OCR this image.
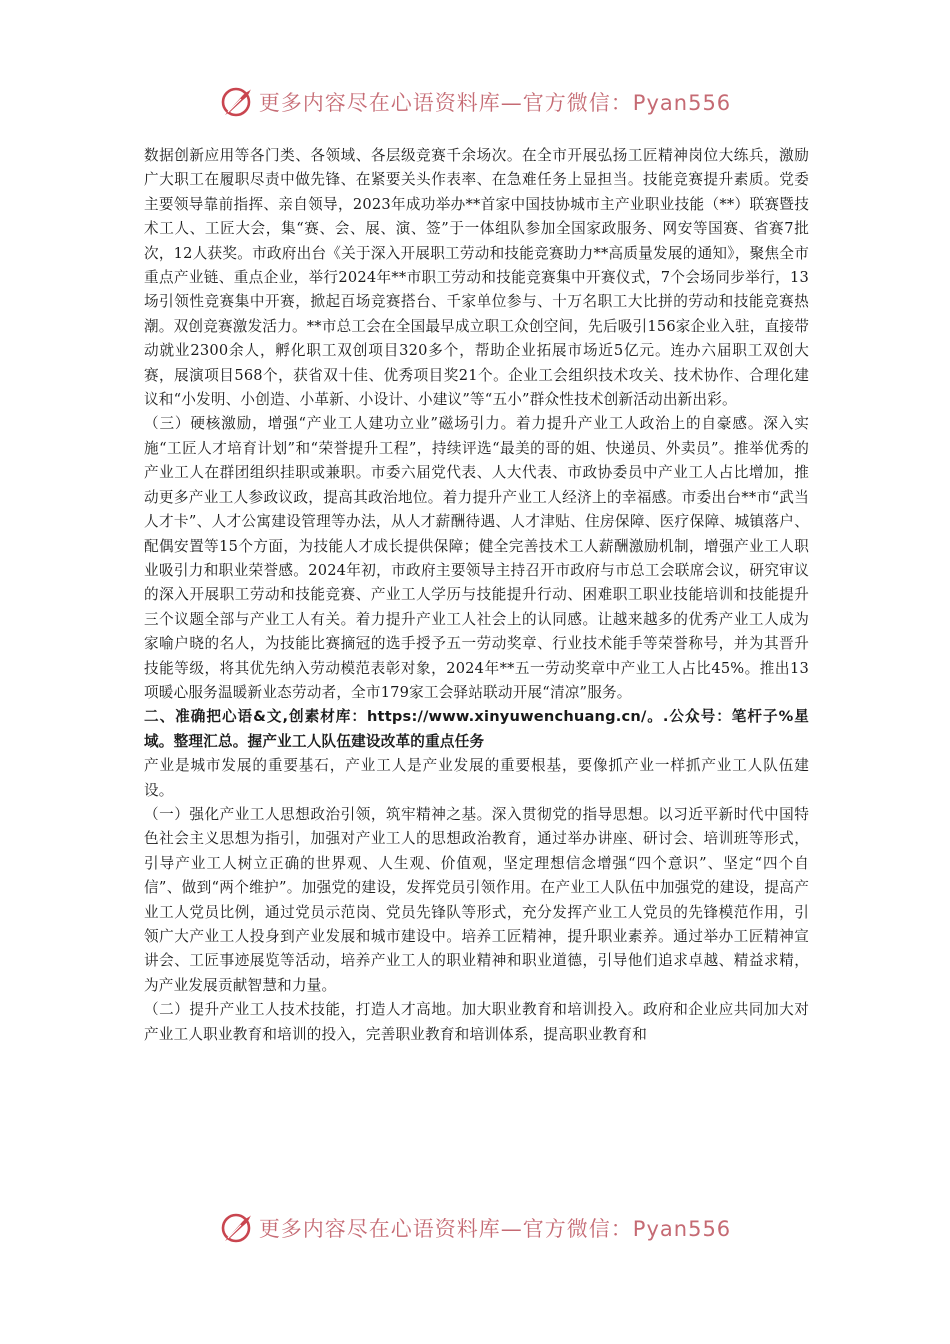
更多内容尽在心语资料库—官方微信：Pyan556

数据创新应用等各门类、各领域、各层级竞赛千余场次。在全市开展弘扬工匠精神岗位大练兵，激励广大职工在履职尽责中做先锋、在紧要关头作表率、在急难任务上显担当。技能竞赛提升素质。党委主要领导靠前指挥、亲自领导，2023年成功举办**首家中国技协城市主产业职业技能（**）联赛暨技术工人、工匠大会，集“赛、会、展、演、签”于一体组队参加全国家政服务、网安等国赛、省赛7批次，12人获奖。市政府出台《关于深入开展职工劳动和技能竞赛助力**高质量发展的通知》，聚焦全市重点产业链、重点企业，举行2024年**市职工劳动和技能竞赛集中开赛仪式，7个会场同步举行，13场引领性竞赛集中开赛，掀起百场竞赛搭台、千家单位参与、十万名职工大比拼的劳动和技能竞赛热潮。双创竞赛激发活力。**市总工会在全国最早成立职工众创空间，先后吸引156家企业入驻，直接带动就业2300余人，孵化职工双创项目320多个，帮助企业拓展市场近5亿元。连办六届职工双创大赛，展演项目568个，获省双十佳、优秀项目奖21个。企业工会组织技术攻关、技术协作、合理化建议和“小发明、小创造、小革新、小设计、小建议”等“五小”群众性技术创新活动出新出彩。

（三）硬核激励，增强“产业工人建功立业”磁场引力。着力提升产业工人政治上的自豪感。深入实施“工匠人才培育计划”和“荣誉提升工程”，持续评选“最美的哥的姐、快递员、外卖员”。推举优秀的产业工人在群团组织挂职或兼职。市委六届党代表、人大代表、市政协委员中产业工人占比增加，推动更多产业工人参政议政，提高其政治地位。着力提升产业工人经济上的幸福感。市委出台**市“武当人才卡”、人才公寓建设管理等办法，从人才薪酬待遇、人才津贴、住房保障、医疗保障、城镇落户、配偶安置等15个方面，为技能人才成长提供保障；健全完善技术工人薪酬激励机制，增强产业工人职业吸引力和职业荣誉感。2024年初，市政府主要领导主持召开市政府与市总工会联席会议，研究审议的深入开展职工劳动和技能竞赛、产业工人学历与技能提升行动、困难职工职业技能培训和技能提升三个议题全部与产业工人有关。着力提升产业工人社会上的认同感。让越来越多的优秀产业工人成为家喻户晓的名人，为技能比赛摘冠的选手授予五一劳动奖章、行业技术能手等荣誉称号，并为其晋升技能等级，将其优先纳入劳动模范表彰对象，2024年**五一劳动奖章中产业工人占比45%。推出13项暖心服务温暖新业态劳动者，全市179家工会驿站联动开展“清凉”服务。

二、准确把心语&文,创素材库：https://www.xinyuwenchuang.cn/。.公众号：笔杆子%星域。整理汇总。握产业工人队伍建设改革的重点任务

产业是城市发展的重要基石，产业工人是产业发展的重要根基，要像抓产业一样抓产业工人队伍建设。

（一）强化产业工人思想政治引领，筑牢精神之基。深入贯彻党的指导思想。以习近平新时代中国特色社会主义思想为指引，加强对产业工人的思想政治教育，通过举办讲座、研讨会、培训班等形式，引导产业工人树立正确的世界观、人生观、价值观，坚定理想信念增强“四个意识”、坚定“四个自信”、做到“两个维护”。加强党的建设，发挥党员引领作用。在产业工人队伍中加强党的建设，提高产业工人党员比例，通过党员示范岗、党员先锋队等形式，充分发挥产业工人党员的先锋模范作用，引领广大产业工人投身到产业发展和城市建设中。培养工匠精神，提升职业素养。通过举办工匠精神宣讲会、工匠事迹展览等活动，培养产业工人的职业精神和职业道德，引导他们追求卓越、精益求精，为产业发展贡献智慧和力量。

（二）提升产业工人技术技能，打造人才高地。加大职业教育和培训投入。政府和企业应共同加大对产业工人职业教育和培训的投入，完善职业教育和培训体系，提高职业教育和

更多内容尽在心语资料库—官方微信：Pyan556
